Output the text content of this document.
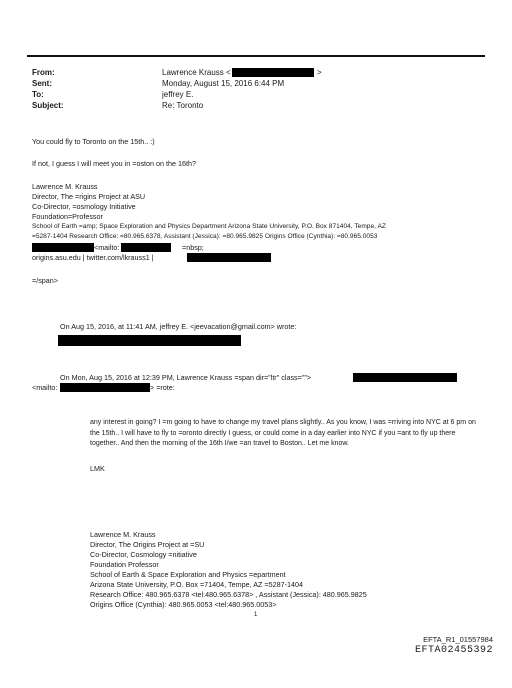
From:	Lawrence Krauss <	>
Sent:	Monday, August 15, 2016 6:44 PM
To:	jeffrey E.
Subject:	Re: Toronto
You could fly to Toronto on the 15th.. :)
If not, I guess I will meet you in =oston on the 16th?
Lawrence M. Krauss
Director, The =rigins Project at ASU
Co-Director, =osmology Initiative
Foundation=Professor
School of Earth =amp; Space Exploration and Physics Department Arizona State University, P.O. Box 871404, Tempe, AZ
=5287-1404 Research Office: =80.965.6378, Assistant (Jessica): =80.965.9825 Origins Office (Cynthia): =80.965.0053
<mailto:	=nbsp;
origins.asu.edu | twitter.com/lkrauss1 |
=/span>
On Aug 15, 2016, at 11:41 AM, jeffrey E. <jeevacation@gmail.com> wrote:
On Mon, Aug 15, 2016 at 12:39 PM, Lawrence Krauss =span dir="ltr" class="">
<mailto:	> =rote:
any interest in going? I =m going to have to change my travel plans slightly.. As you know, I was =rriving into NYC at 6 pm on the 15th.. I will have to fly to =oronto directly I guess, or could come in a day earlier into NYC if you =ant to fly up there together.. And then the morning of the 16th I/we =an travel to Boston.. Let me know.
LMK
Lawrence M. Krauss
Director, The Origins Project at =SU
Co-Director, Cosmology =nitiative
Foundation Professor
School of Earth & Space Exploration and Physics =epartment
Arizona State University, P.O. Box =71404, Tempe, AZ =5287-1404
Research Office: 480.965.6378 <tel:480.965.6378> , Assistant (Jessica): 480.965.9825
Origins Office (Cynthia): 480.965.0053 <tel:480.965.0053>
1
EFTA_R1_01557984
EFTA02455392
